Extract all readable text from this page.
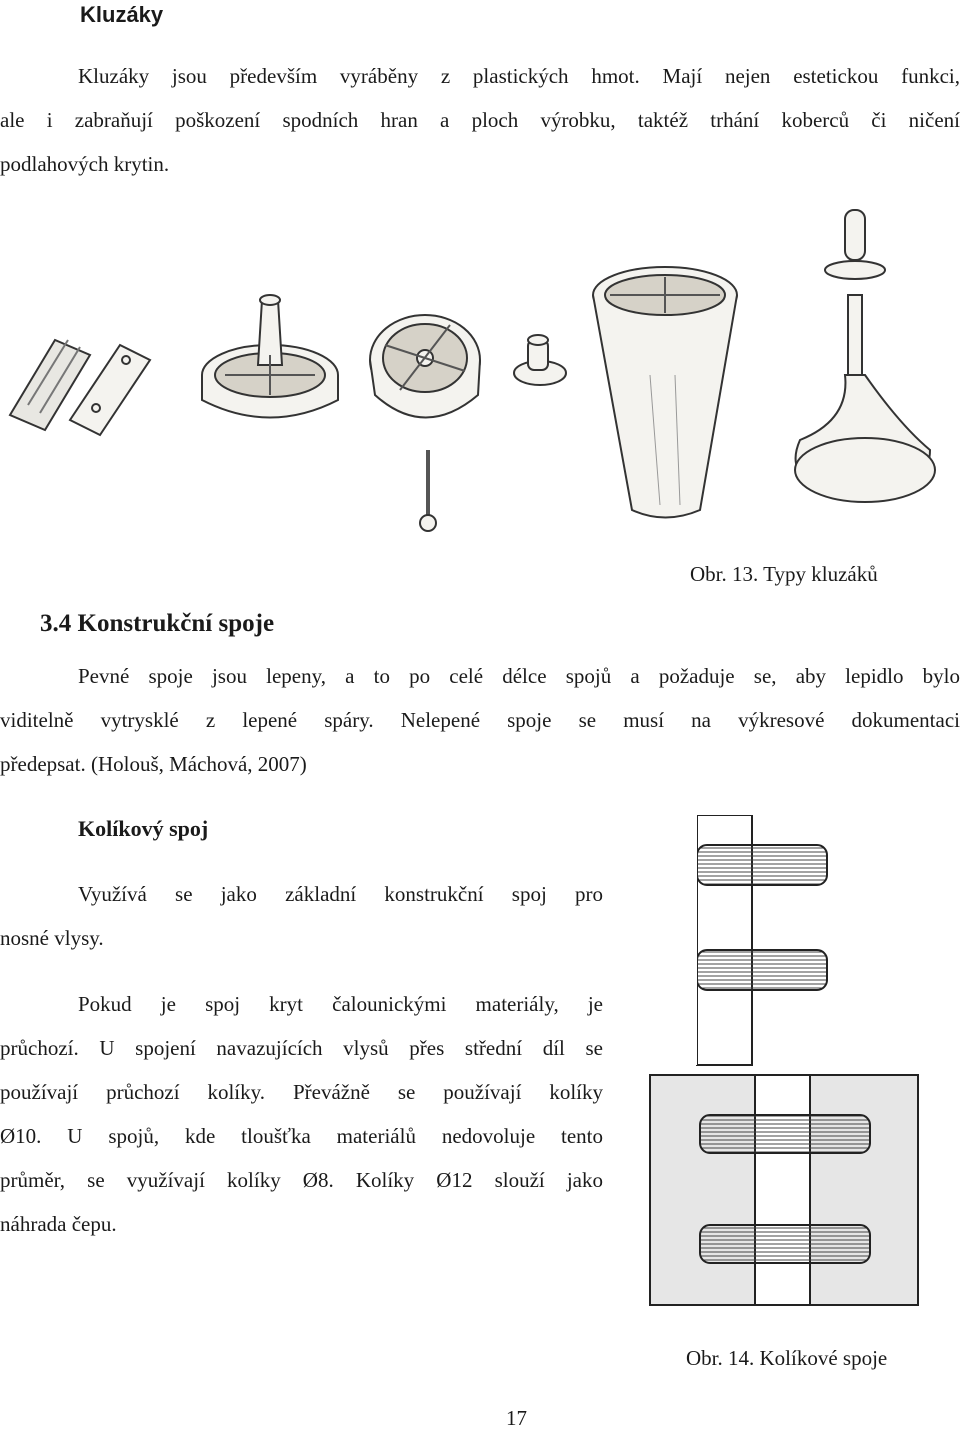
Kluzáky
Kluzáky jsou především vyráběny z plastických hmot. Mají nejen estetickou funkci,
ale i zabraňují poškození spodních hran a ploch výrobku, taktéž trhání koberců či ničení
podlahových krytin.
Obr. 13. Typy kluzáků
3.4 Konstrukční spoje
Pevné spoje jsou lepeny, a to po celé délce spojů a požaduje se, aby lepidlo bylo
viditelně vytrysklé z lepené spáry. Nelepené spoje se musí na výkresové dokumentaci
předepsat. (Holouš, Máchová, 2007)
Kolíkový spoj
Využívá se jako základní konstrukční spoj pro
nosné vlysy.
Pokud je spoj kryt čalounickými materiály, je
průchozí. U spojení navazujících vlysů přes střední díl se
používají průchozí kolíky. Převážně se používají kolíky
Ø10. U spojů, kde tloušťka materiálů nedovoluje tento
průměr, se využívají kolíky Ø8. Kolíky Ø12 slouží jako
náhrada čepu.
Obr. 14. Kolíkové spoje
17
